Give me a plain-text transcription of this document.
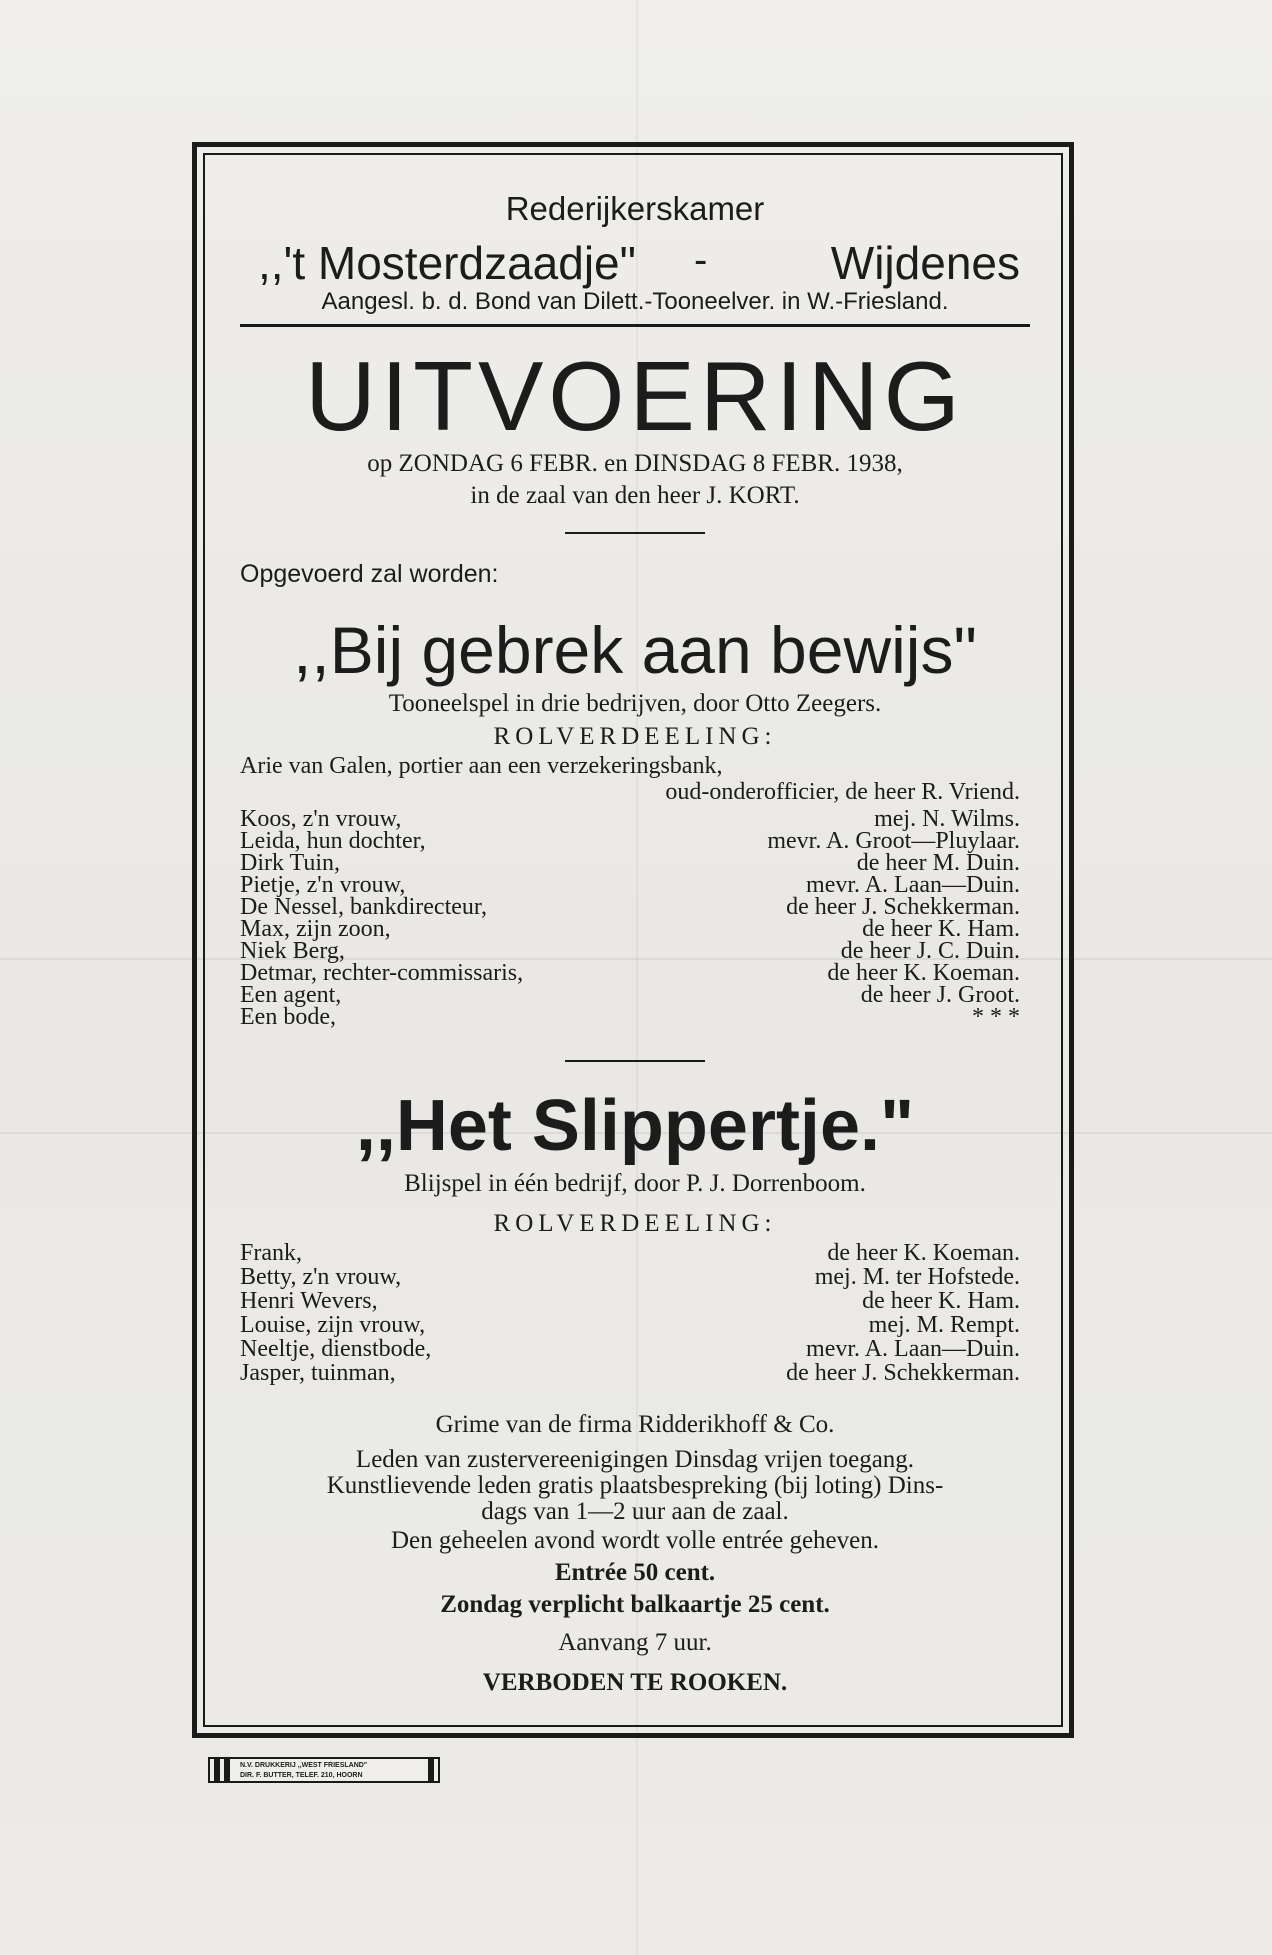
Rederijkerskamer
,,'t Mosterdzaadje" -	Wijdenes
Aangesl. b. d. Bond van Dilett.-Tooneelver. in W.-Friesland.
UITVOERING
op ZONDAG 6 FEBR. en DINSDAG 8 FEBR. 1938,
in de zaal van den heer J. KORT.
Opgevoerd zal worden:
,,Bij gebrek aan bewijs"
Tooneelspel in drie bedrijven, door Otto Zeegers.
ROLVERDEELING:
Arie van Galen, portier aan een verzekeringsbank,
oud-onderofficier, de heer R. Vriend.
Koos, z'n vrouw,	mej. N. Wilms.
Leida, hun dochter,	mevr. A. Groot—Pluylaar.
Dirk Tuin,	de heer M. Duin.
Pietje, z'n vrouw,	mevr. A. Laan—Duin.
De Nessel, bankdirecteur,	de heer J. Schekkerman.
Max, zijn zoon,	de heer K. Ham.
Niek Berg,	de heer J. C. Duin.
Detmar, rechter-commissaris,	de heer K. Koeman.
Een agent,	de heer J. Groot.
Een bode,	* * *
,,Het Slippertje."
Blijspel in één bedrijf, door P. J. Dorrenboom.
ROLVERDEELING:
Frank,	de heer K. Koeman.
Betty, z'n vrouw,	mej. M. ter Hofstede.
Henri Wevers,	de heer K. Ham.
Louise, zijn vrouw,	mej. M. Rempt.
Neeltje, dienstbode,	mevr. A. Laan—Duin.
Jasper, tuinman,	de heer J. Schekkerman.
Grime van de firma Ridderikhoff & Co.
Leden van zustervereenigingen Dinsdag vrijen toegang.
Kunstlievende leden gratis plaatsbespreking (bij loting) Dins-
dags van 1—2 uur aan de zaal.
Den geheelen avond wordt volle entrée geheven.
Entrée 50 cent.
Zondag verplicht balkaartje 25 cent.
Aanvang 7 uur.
VERBODEN TE ROOKEN.
N.V. DRUKKERIJ ,,WEST FRIESLAND"
DIR. F. BUTTER, TELEF. 210, HOORN
